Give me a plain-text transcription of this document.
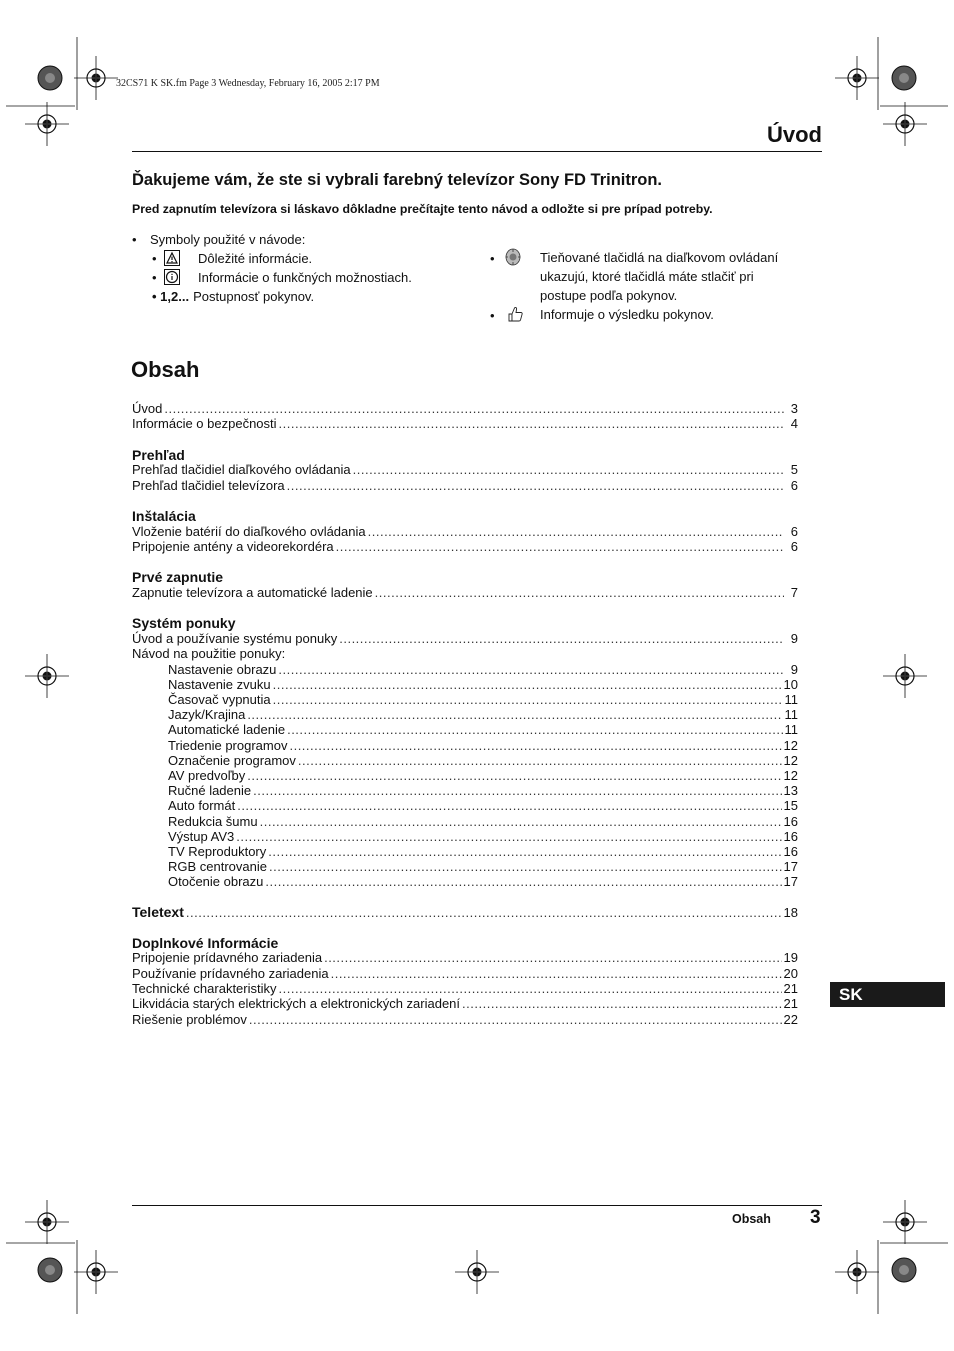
32CS71 K SK.fm Page 3 Wednesday, February 16, 2005 2:17 PM
Úvod
Ďakujeme vám, že ste si vybrali farebný televízor Sony FD Trinitron.
Pred zapnutím televízora si láskavo dôkladne prečítajte tento návod a odložte si pre prípad potreby.
• Symboly použité v návode:
•	Dôležité informácie.
•	Informácie o funkčných možnostiach.
• 1,2... Postupnosť pokynov.
•	Tieňované tlačidlá na diaľkovom ovládaní
ukazujú, ktoré tlačidlá máte stlačiť pri
postupe podľa pokynov.
•	Informuje o výsledku pokynov.
Obsah
Úvod .....	3
Informácie o bezpečnosti .....	4
Prehľad
Prehľad tlačidiel diaľkového ovládania .....	5
Prehľad tlačidiel televízora .....	6
Inštalácia
Vloženie batérií do diaľkového ovládania .....	6
Pripojenie antény a videorekordéra .....	6
Prvé zapnutie
Zapnutie televízora a automatické ladenie .....	7
Systém ponuky
Úvod a používanie systému ponuky .....	9
Návod na použitie ponuky:
Nastavenie obrazu .....	9
Nastavenie zvuku .....	10
Časovač vypnutia .....	11
Jazyk/Krajina .....	11
Automatické ladenie .....	11
Triedenie programov .....	12
Označenie programov .....	12
AV predvoľby .....	12
Ručné ladenie .....	13
Auto formát .....	15
Redukcia šumu .....	16
Výstup AV3 .....	16
TV Reproduktory .....	16
RGB centrovanie .....	17
Otočenie obrazu .....	17
Teletext .....	18
Doplnkové Informácie
Pripojenie prídavného zariadenia .....	19
Používanie prídavného zariadenia .....	20
Technické charakteristiky .....	21
Likvidácia starých elektrických a elektronických zariadení .....	21
Riešenie problémov .....	22
SK
Obsah 3
